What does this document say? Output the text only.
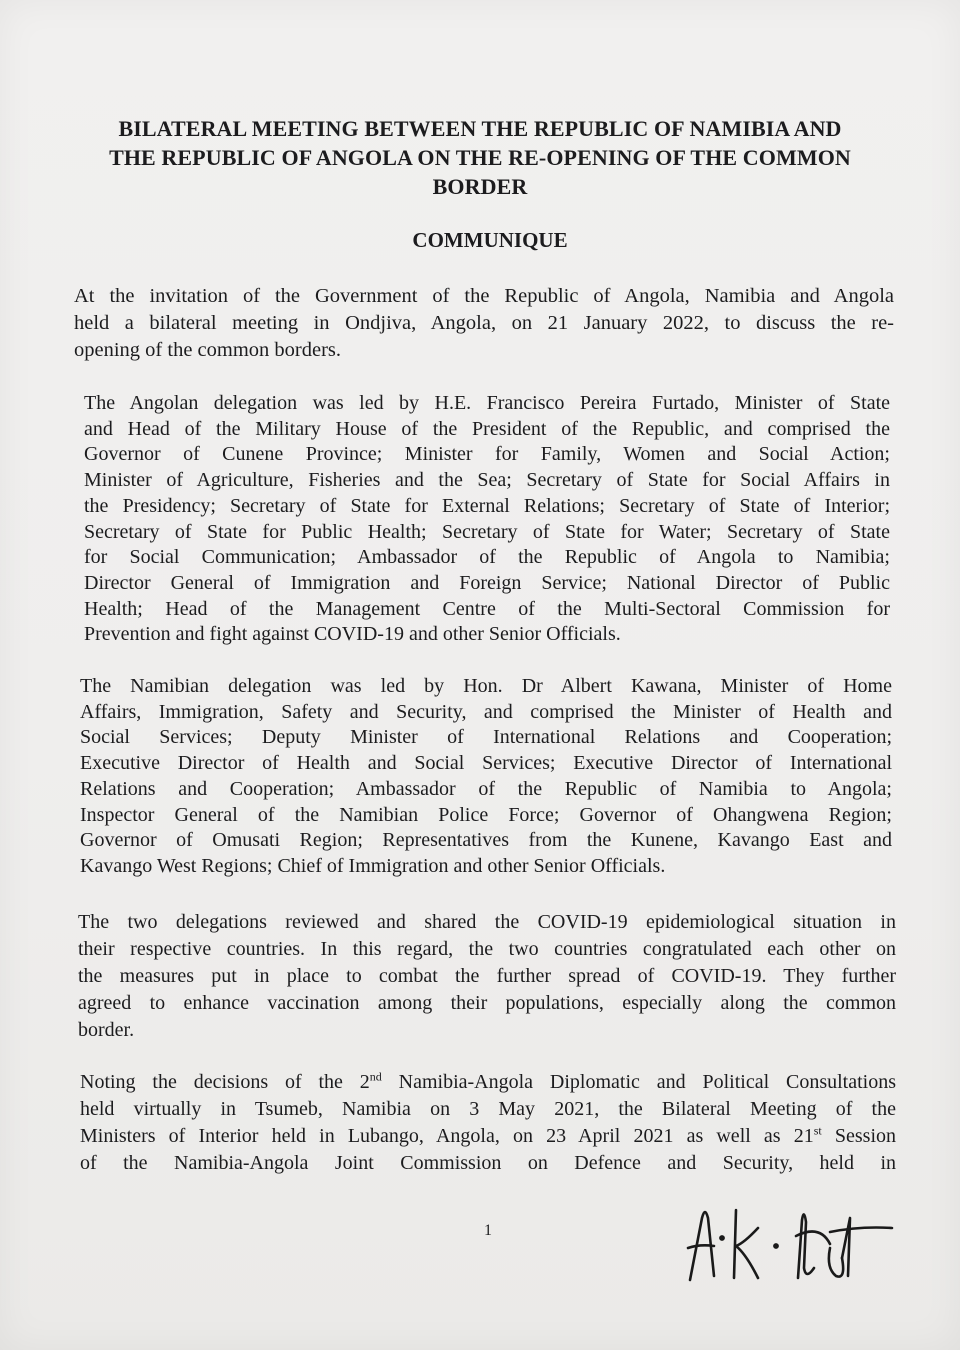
BILATERAL MEETING BETWEEN THE REPUBLIC OF NAMIBIA AND
THE REPUBLIC OF ANGOLA ON THE RE-OPENING OF THE COMMON
BORDER
COMMUNIQUE
At the invitation of the Government of the Republic of Angola, Namibia and Angola
held a bilateral meeting in Ondjiva, Angola, on 21 January 2022, to discuss the re-
opening of the common borders.
The Angolan delegation was led by H.E. Francisco Pereira Furtado, Minister of State
and Head of the Military House of the President of the Republic, and comprised the
Governor of Cunene Province; Minister for Family, Women and Social Action;
Minister of Agriculture, Fisheries and the Sea; Secretary of State for Social Affairs in
the Presidency; Secretary of State for External Relations; Secretary of State of Interior;
Secretary of State for Public Health; Secretary of State for Water; Secretary of State
for Social Communication; Ambassador of the Republic of Angola to Namibia;
Director General of Immigration and Foreign Service; National Director of Public
Health; Head of the Management Centre of the Multi-Sectoral Commission for
Prevention and fight against COVID-19 and other Senior Officials.
The Namibian delegation was led by Hon. Dr Albert Kawana, Minister of Home
Affairs, Immigration, Safety and Security, and comprised the Minister of Health and
Social Services; Deputy Minister of International Relations and Cooperation;
Executive Director of Health and Social Services; Executive Director of International
Relations and Cooperation; Ambassador of the Republic of Namibia to Angola;
Inspector General of the Namibian Police Force; Governor of Ohangwena Region;
Governor of Omusati Region; Representatives from the Kunene, Kavango East and
Kavango West Regions; Chief of Immigration and other Senior Officials.
The two delegations reviewed and shared the COVID-19 epidemiological situation in
their respective countries. In this regard, the two countries congratulated each other on
the measures put in place to combat the further spread of COVID-19. They further
agreed to enhance vaccination among their populations, especially along the common
border.
Noting the decisions of the 2nd Namibia-Angola Diplomatic and Political Consultations
held virtually in Tsumeb, Namibia on 3 May 2021, the Bilateral Meeting of the
Ministers of Interior held in Lubango, Angola, on 23 April 2021 as well as 21st Session
of the Namibia-Angola Joint Commission on Defence and Security, held in
1
